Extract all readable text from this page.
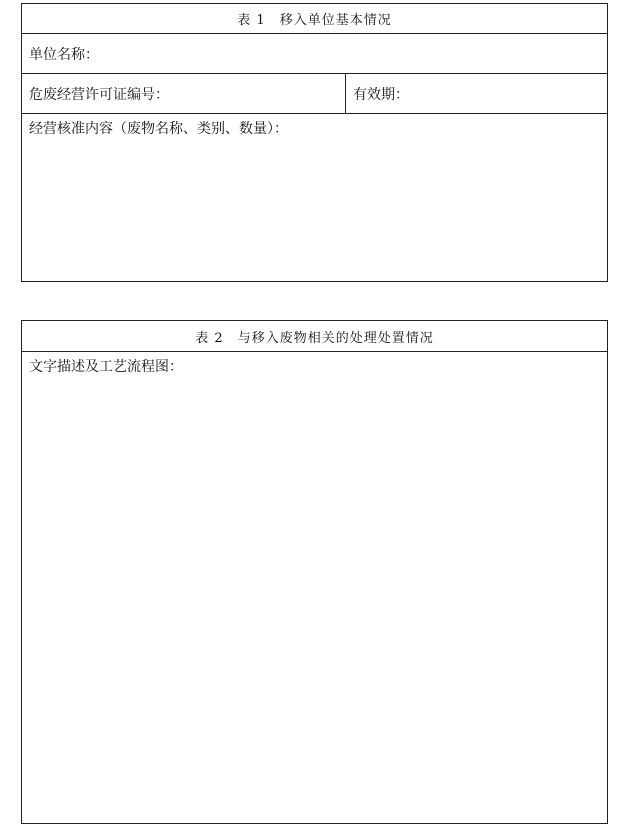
表 1 移入单位基本情况
单位名称：
危废经营许可证编号：	有效期：
经营核准内容（废物名称、类别、数量）：
表 2 与移入废物相关的处理处置情况
文字描述及工艺流程图：
